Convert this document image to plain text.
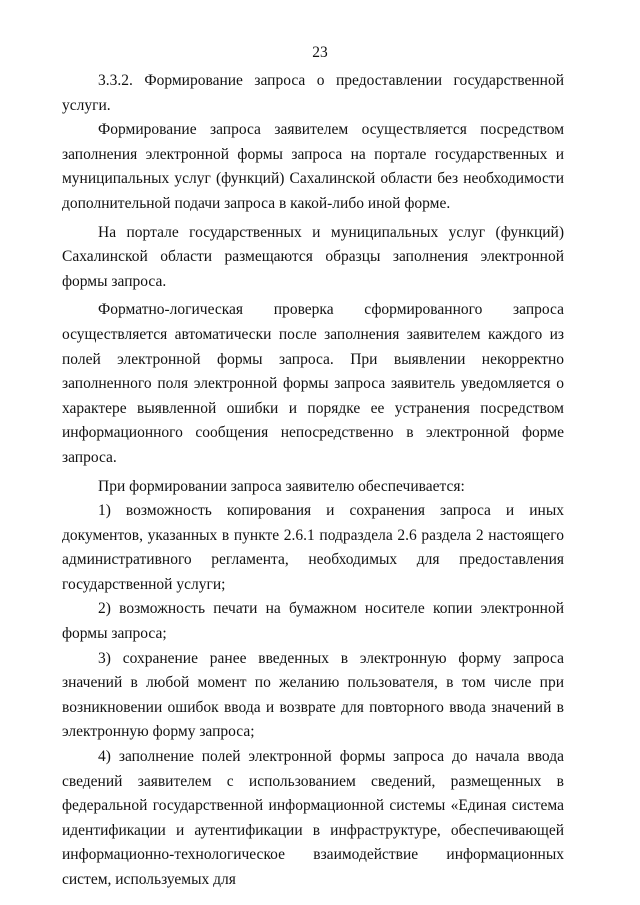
23

3.3.2. Формирование запроса о предоставлении государственной услуги.

Формирование запроса заявителем осуществляется посредством заполнения электронной формы запроса на портале государственных и муниципальных услуг (функций) Сахалинской области без необходимости дополнительной подачи запроса в какой-либо иной форме.

На портале государственных и муниципальных услуг (функций) Сахалинской области размещаются образцы заполнения электронной формы запроса.

Форматно-логическая проверка сформированного запроса осуществляется автоматически после заполнения заявителем каждого из полей электронной формы запроса. При выявлении некорректно заполненного поля электронной формы запроса заявитель уведомляется о характере выявленной ошибки и порядке ее устранения посредством информационного сообщения непосредственно в электронной форме запроса.

При формировании запроса заявителю обеспечивается:

1) возможность копирования и сохранения запроса и иных документов, указанных в пункте 2.6.1 подраздела 2.6 раздела 2 настоящего административного регламента, необходимых для предоставления государственной услуги;

2) возможность печати на бумажном носителе копии электронной формы запроса;

3) сохранение ранее введенных в электронную форму запроса значений в любой момент по желанию пользователя, в том числе при возникновении ошибок ввода и возврате для повторного ввода значений в электронную форму запроса;

4) заполнение полей электронной формы запроса до начала ввода сведений заявителем с использованием сведений, размещенных в федеральной государственной информационной системы «Единая система идентификации и аутентификации в инфраструктуре, обеспечивающей информационно-технологическое взаимодействие информационных систем, используемых для
